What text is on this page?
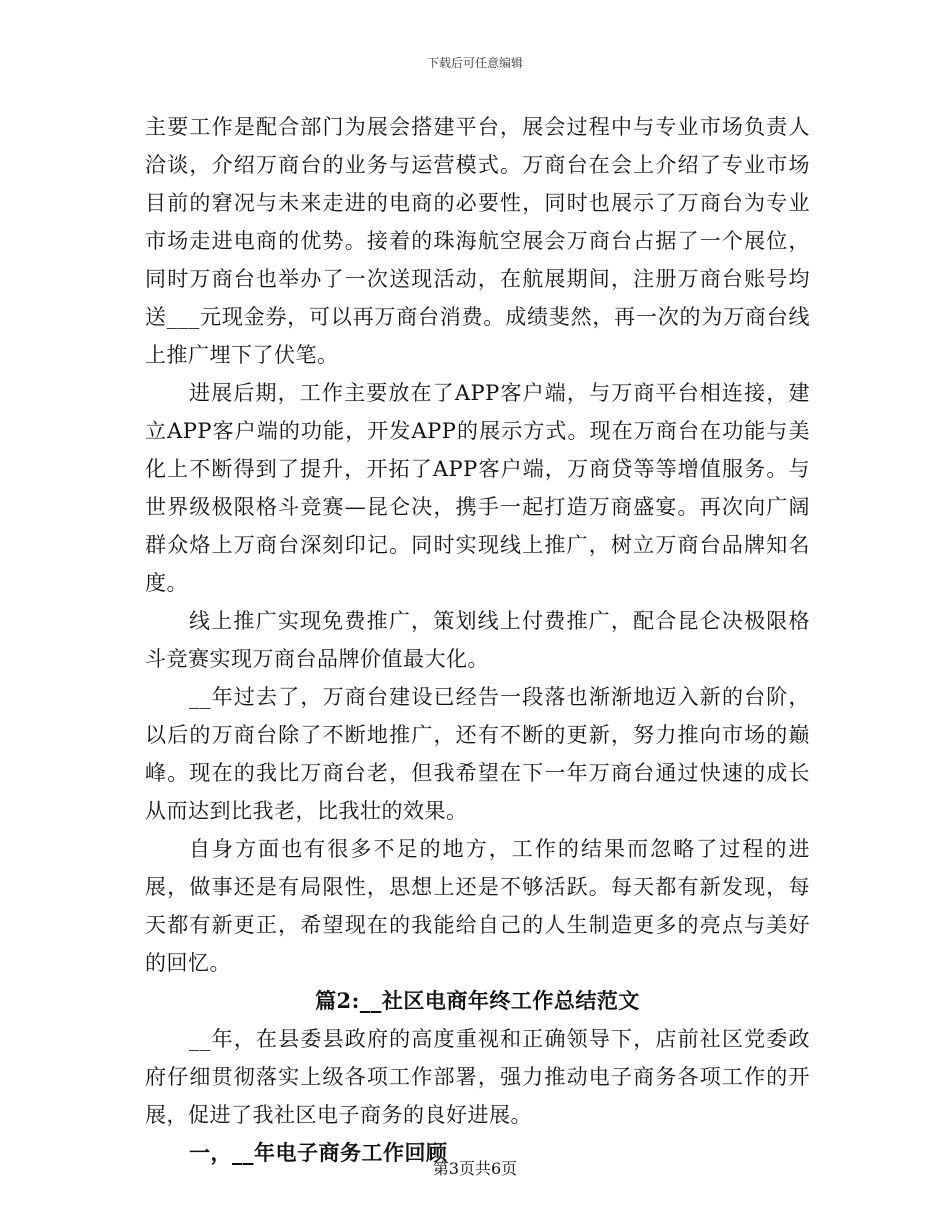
下载后可任意编辑

主要工作是配合部门为展会搭建平台，展会过程中与专业市场负责人洽谈，介绍万商台的业务与运营模式。万商台在会上介绍了专业市场目前的窘况与未来走进的电商的必要性，同时也展示了万商台为专业市场走进电商的优势。接着的珠海航空展会万商台占据了一个展位，同时万商台也举办了一次送现活动，在航展期间，注册万商台账号均送___元现金券，可以再万商台消费。成绩斐然，再一次的为万商台线上推广埋下了伏笔。

进展后期，工作主要放在了APP客户端，与万商平台相连接，建立APP客户端的功能，开发APP的展示方式。现在万商台在功能与美化上不断得到了提升，开拓了APP客户端，万商贷等等增值服务。与世界级极限格斗竞赛—昆仑决，携手一起打造万商盛宴。再次向广阔群众烙上万商台深刻印记。同时实现线上推广，树立万商台品牌知名度。

线上推广实现免费推广，策划线上付费推广，配合昆仑决极限格斗竞赛实现万商台品牌价值最大化。

__年过去了，万商台建设已经告一段落也渐渐地迈入新的台阶，以后的万商台除了不断地推广，还有不断的更新，努力推向市场的巅峰。现在的我比万商台老，但我希望在下一年万商台通过快速的成长从而达到比我老，比我壮的效果。

自身方面也有很多不足的地方，工作的结果而忽略了过程的进展，做事还是有局限性，思想上还是不够活跃。每天都有新发现，每天都有新更正，希望现在的我能给自己的人生制造更多的亮点与美好的回忆。

篇2:__社区电商年终工作总结范文

__年，在县委县政府的高度重视和正确领导下，店前社区党委政府仔细贯彻落实上级各项工作部署，强力推动电子商务各项工作的开展，促进了我社区电子商务的良好进展。

一，__年电子商务工作回顾

第3页共6页
